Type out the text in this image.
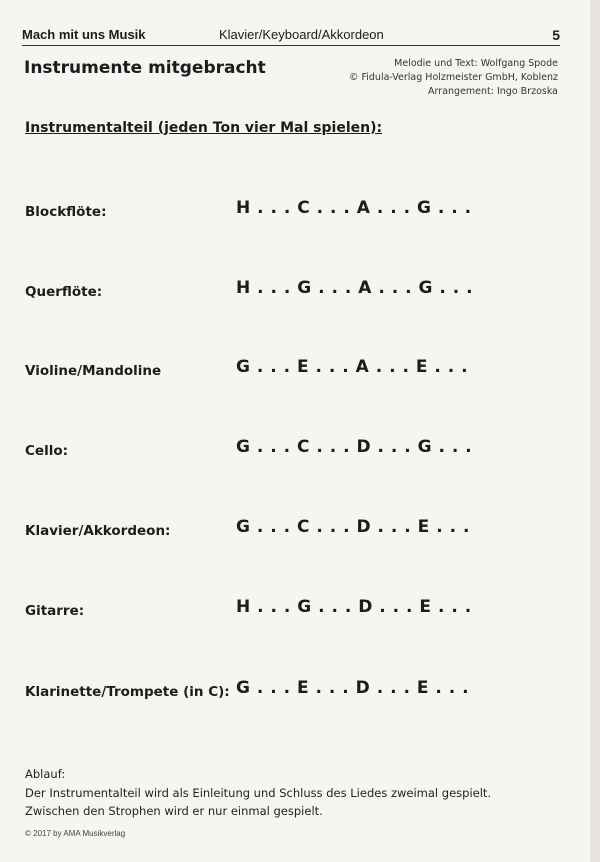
Mach mit uns Musik	Klavier/Keyboard/Akkordeon	5
Instrumente mitgebracht	Melodie und Text: Wolfgang Spode
© Fidula-Verlag Holzmeister GmbH, Koblenz
Arrangement: Ingo Brzoska
Instrumentalteil (jeden Ton vier Mal spielen):
Blockflöte:	H . . . C . . . A . . . G . . .
Querflöte:	H . . . G . . . A . . . G . . .
Violine/Mandoline	G . . . E . . . A . . . E . . .
Cello:	G . . . C . . . D . . . G . . .
Klavier/Akkordeon:	G . . . C . . . D . . . E . . .
Gitarre:	H . . . G . . . D . . . E . . .
Klarinette/Trompete (in C): G . . . E . . . D . . . E . . .
Ablauf:
Der Instrumentalteil wird als Einleitung und Schluss des Liedes zweimal gespielt.
Zwischen den Strophen wird er nur einmal gespielt.
© 2017 by AMA Musikverlag
